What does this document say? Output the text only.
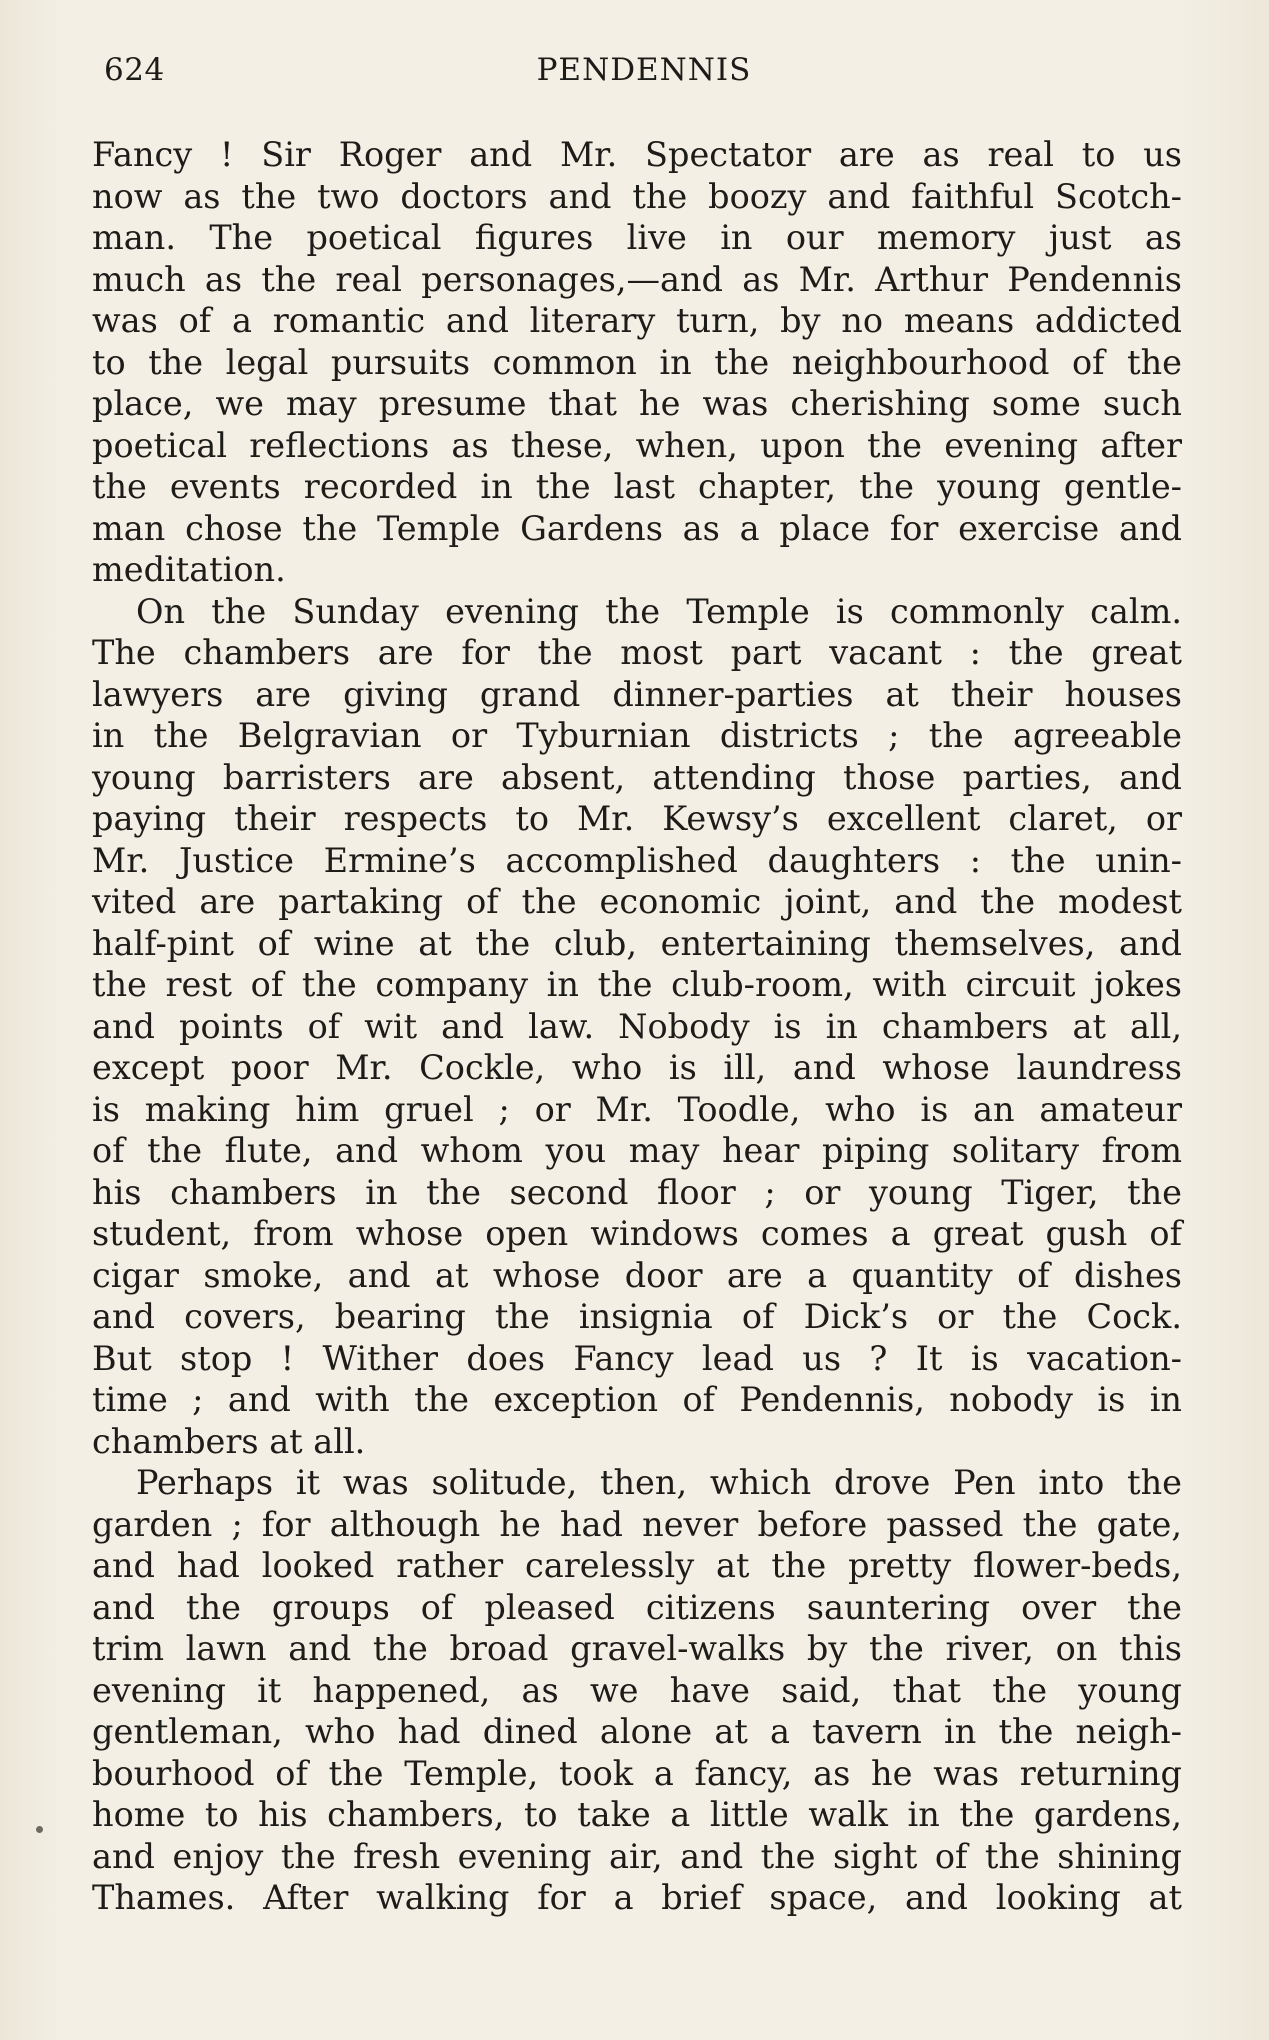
624	PENDENNIS
Fancy ! Sir Roger and Mr. Spectator are as real to us
now as the two doctors and the boozy and faithful Scotch-
man. The poetical figures live in our memory just as
much as the real personages,—and as Mr. Arthur Pendennis
was of a romantic and literary turn, by no means addicted
to the legal pursuits common in the neighbourhood of the
place, we may presume that he was cherishing some such
poetical reflections as these, when, upon the evening after
the events recorded in the last chapter, the young gentle-
man chose the Temple Gardens as a place for exercise and
meditation.
On the Sunday evening the Temple is commonly calm.
The chambers are for the most part vacant : the great
lawyers are giving grand dinner-parties at their houses
in the Belgravian or Tyburnian districts ; the agreeable
young barristers are absent, attending those parties, and
paying their respects to Mr. Kewsy’s excellent claret, or
Mr. Justice Ermine’s accomplished daughters : the unin-
vited are partaking of the economic joint, and the modest
half-pint of wine at the club, entertaining themselves, and
the rest of the company in the club-room, with circuit jokes
and points of wit and law. Nobody is in chambers at all,
except poor Mr. Cockle, who is ill, and whose laundress
is making him gruel ; or Mr. Toodle, who is an amateur
of the flute, and whom you may hear piping solitary from
his chambers in the second floor ; or young Tiger, the
student, from whose open windows comes a great gush of
cigar smoke, and at whose door are a quantity of dishes
and covers, bearing the insignia of Dick’s or the Cock.
But stop ! Wither does Fancy lead us ? It is vacation-
time ; and with the exception of Pendennis, nobody is in
chambers at all.
Perhaps it was solitude, then, which drove Pen into the
garden ; for although he had never before passed the gate,
and had looked rather carelessly at the pretty flower-beds,
and the groups of pleased citizens sauntering over the
trim lawn and the broad gravel-walks by the river, on this
evening it happened, as we have said, that the young
gentleman, who had dined alone at a tavern in the neigh-
bourhood of the Temple, took a fancy, as he was returning
home to his chambers, to take a little walk in the gardens,
and enjoy the fresh evening air, and the sight of the shining
Thames. After walking for a brief space, and looking at
